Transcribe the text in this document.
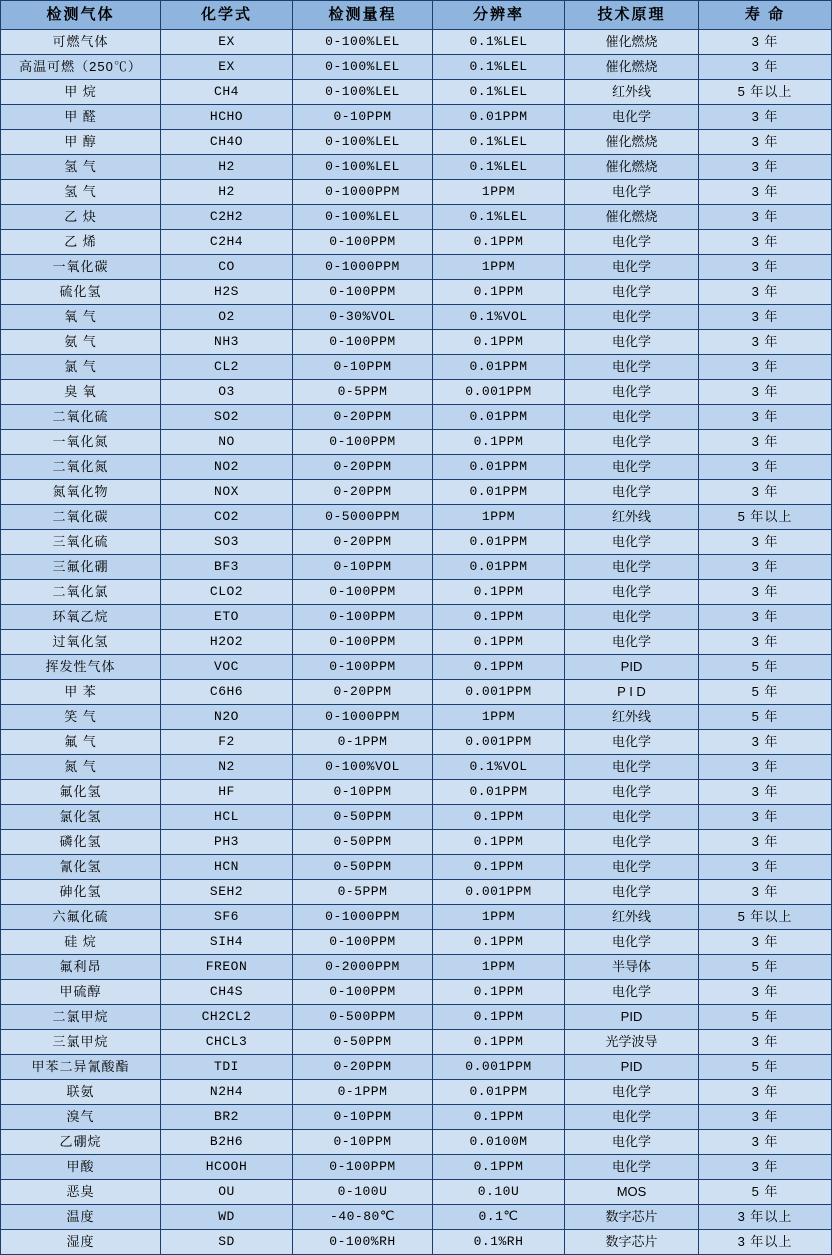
检测气体	化学式	检测量程	分辨率	技术原理	寿 命
可燃气体	EX	0-100%LEL	0.1%LEL	催化燃烧	3 年
高温可燃（250℃）	EX	0-100%LEL	0.1%LEL	催化燃烧	3 年
甲 烷	CH4	0-100%LEL	0.1%LEL	红外线	5 年以上
甲 醛	HCHO	0-10PPM	0.01PPM	电化学	3 年
甲 醇	CH4O	0-100%LEL	0.1%LEL	催化燃烧	3 年
氢 气	H2	0-100%LEL	0.1%LEL	催化燃烧	3 年
氢 气	H2	0-1000PPM	1PPM	电化学	3 年
乙 炔	C2H2	0-100%LEL	0.1%LEL	催化燃烧	3 年
乙 烯	C2H4	0-100PPM	0.1PPM	电化学	3 年
一氧化碳	CO	0-1000PPM	1PPM	电化学	3 年
硫化氢	H2S	0-100PPM	0.1PPM	电化学	3 年
氧 气	O2	0-30%VOL	0.1%VOL	电化学	3 年
氨 气	NH3	0-100PPM	0.1PPM	电化学	3 年
氯 气	CL2	0-10PPM	0.01PPM	电化学	3 年
臭 氧	O3	0-5PPM	0.001PPM	电化学	3 年
二氧化硫	SO2	0-20PPM	0.01PPM	电化学	3 年
一氧化氮	NO	0-100PPM	0.1PPM	电化学	3 年
二氧化氮	NO2	0-20PPM	0.01PPM	电化学	3 年
氮氧化物	NOX	0-20PPM	0.01PPM	电化学	3 年
二氧化碳	CO2	0-5000PPM	1PPM	红外线	5 年以上
三氧化硫	SO3	0-20PPM	0.01PPM	电化学	3 年
三氟化硼	BF3	0-10PPM	0.01PPM	电化学	3 年
二氧化氯	CLO2	0-100PPM	0.1PPM	电化学	3 年
环氧乙烷	ETO	0-100PPM	0.1PPM	电化学	3 年
过氧化氢	H2O2	0-100PPM	0.1PPM	电化学	3 年
挥发性气体	VOC	0-100PPM	0.1PPM	PID	5 年
甲 苯	C6H6	0-20PPM	0.001PPM	P I D	5 年
笑 气	N2O	0-1000PPM	1PPM	红外线	5 年
氟 气	F2	0-1PPM	0.001PPM	电化学	3 年
氮 气	N2	0-100%VOL	0.1%VOL	电化学	3 年
氟化氢	HF	0-10PPM	0.01PPM	电化学	3 年
氯化氢	HCL	0-50PPM	0.1PPM	电化学	3 年
磷化氢	PH3	0-50PPM	0.1PPM	电化学	3 年
氰化氢	HCN	0-50PPM	0.1PPM	电化学	3 年
砷化氢	SEH2	0-5PPM	0.001PPM	电化学	3 年
六氟化硫	SF6	0-1000PPM	1PPM	红外线	5 年以上
硅 烷	SIH4	0-100PPM	0.1PPM	电化学	3 年
氟利昂	FREON	0-2000PPM	1PPM	半导体	5 年
甲硫醇	CH4S	0-100PPM	0.1PPM	电化学	3 年
二氯甲烷	CH2CL2	0-500PPM	0.1PPM	PID	5 年
三氯甲烷	CHCL3	0-50PPM	0.1PPM	光学波导	3 年
甲苯二异氰酸酯	TDI	0-20PPM	0.001PPM	PID	5 年
联氨	N2H4	0-1PPM	0.01PPM	电化学	3 年
溴气	BR2	0-10PPM	0.1PPM	电化学	3 年
乙硼烷	B2H6	0-10PPM	0.0100M	电化学	3 年
甲酸	HCOOH	0-100PPM	0.1PPM	电化学	3 年
恶臭	OU	0-100U	0.10U	MOS	5 年
温度	WD	-40-80℃	0.1℃	数字芯片	3 年以上
湿度	SD	0-100%RH	0.1%RH	数字芯片	3 年以上
